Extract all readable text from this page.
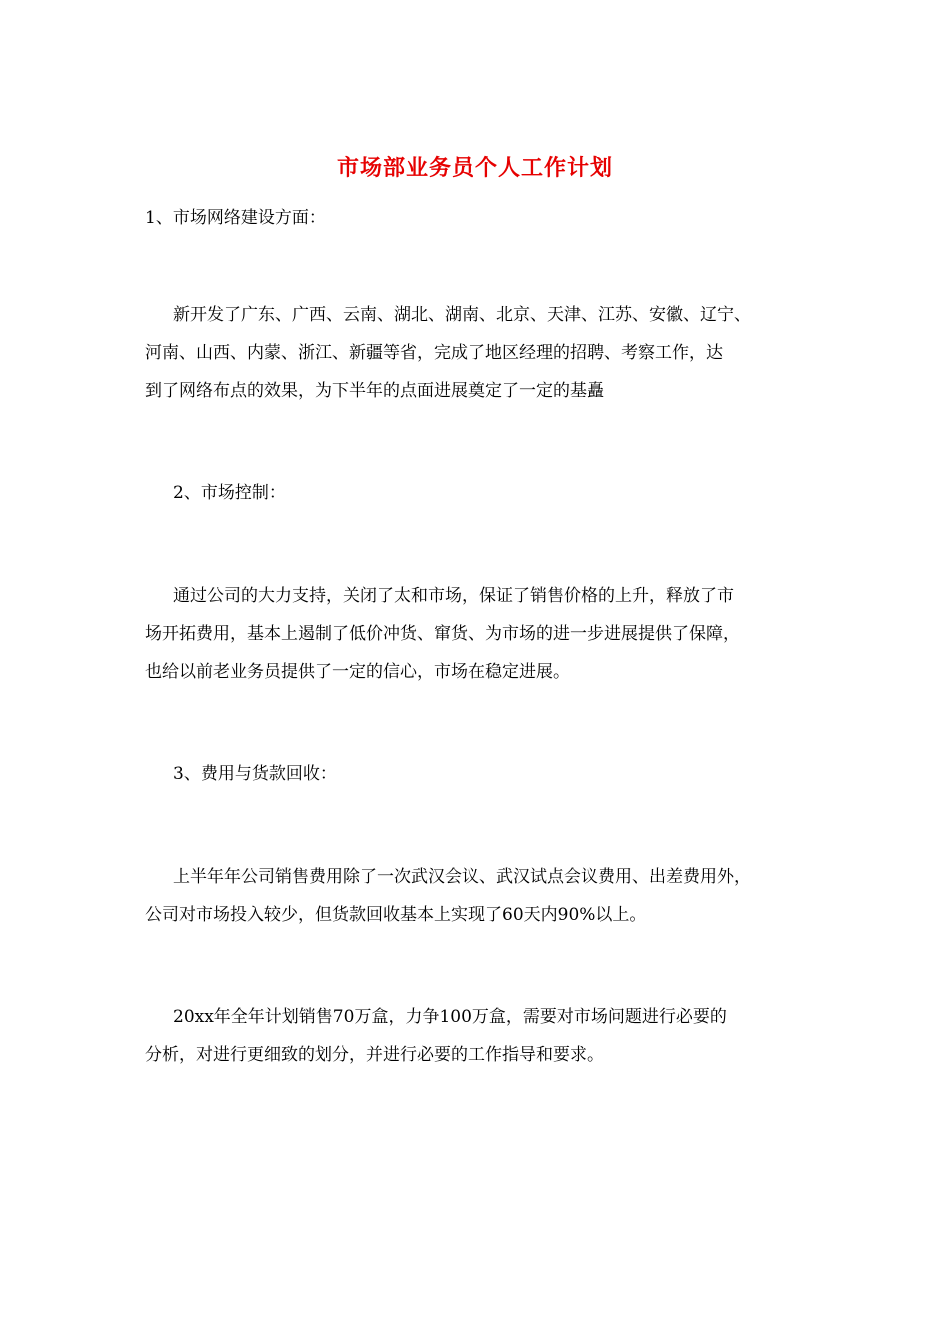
市场部业务员个人工作计划

1、市场网络建设方面：

新开发了广东、广西、云南、湖北、湖南、北京、天津、江苏、安徽、辽宁、
河南、山西、内蒙、浙江、新疆等省，完成了地区经理的招聘、考察工作，达
到了网络布点的效果，为下半年的点面进展奠定了一定的基矗

2、市场控制：

通过公司的大力支持，关闭了太和市场，保证了销售价格的上升，释放了市
场开拓费用，基本上遏制了低价冲货、窜货、为市场的进一步进展提供了保障，
也给以前老业务员提供了一定的信心，市场在稳定进展。

3、费用与货款回收：

上半年年公司销售费用除了一次武汉会议、武汉试点会议费用、出差费用外，
公司对市场投入较少，但货款回收基本上实现了60天内90%以上。

20xx年全年计划销售70万盒，力争100万盒，需要对市场问题进行必要的
分析，对进行更细致的划分，并进行必要的工作指导和要求。
